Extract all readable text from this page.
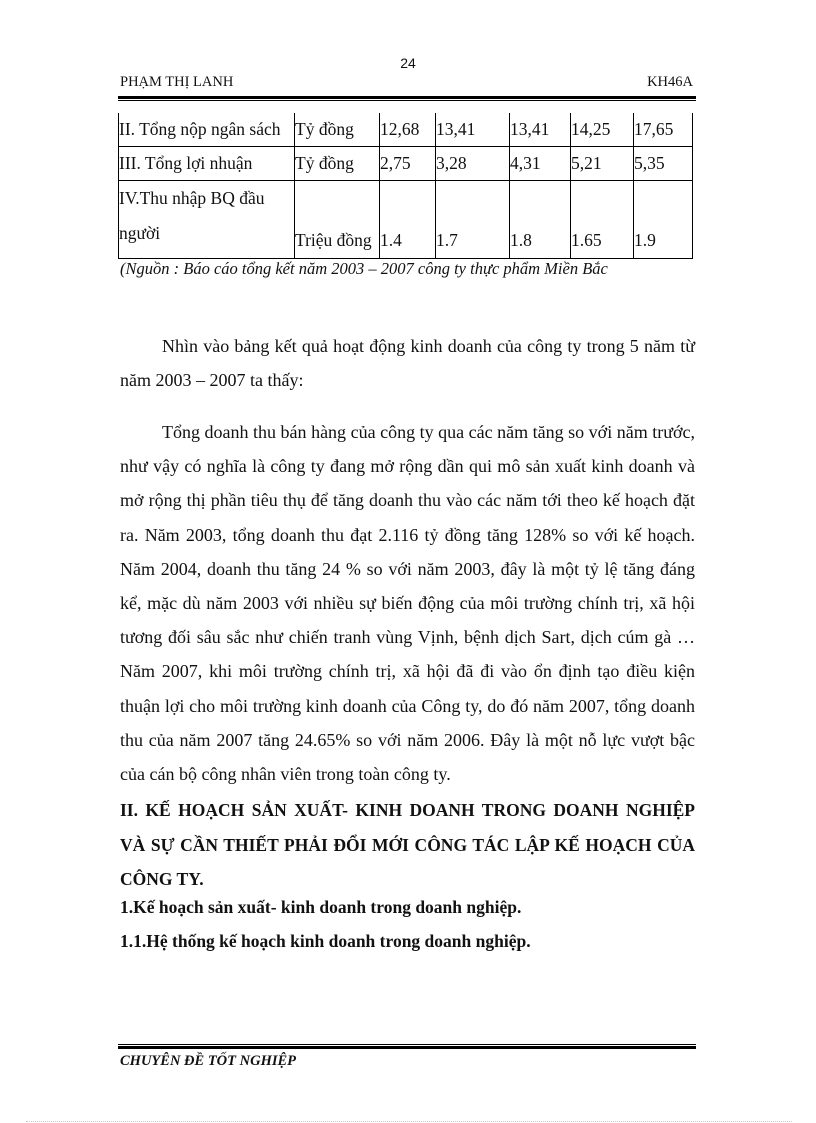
24
PHẠM THỊ LANH	KH46A
II. Tổng nộp ngân sách	Tỷ đồng	12,68	13,41	13,41	14,25	17,65
III. Tổng lợi nhuận	Tỷ đồng	2,75	3,28	4,31	5,21	5,35
IV.Thu nhập BQ đầu người	Triệu đồng	1.4	1.7	1.8	1.65	1.9
(Nguồn : Báo cáo tổng kết năm 2003 – 2007 công ty thực phẩm Miền Bắc

Nhìn vào bảng kết quả hoạt động kinh doanh của công ty trong 5 năm từ năm 2003 – 2007 ta thấy:

Tổng doanh thu bán hàng của công ty qua các năm tăng so với năm trước, như vậy có nghĩa là công ty đang mở rộng dần qui mô sản xuất kinh doanh và mở rộng thị phần tiêu thụ để tăng doanh thu vào các năm tới theo kế hoạch đặt ra. Năm 2003, tổng doanh thu đạt 2.116 tỷ đồng tăng 128% so với kế hoạch. Năm 2004, doanh thu tăng 24 % so với năm 2003, đây là một tỷ lệ tăng đáng kể, mặc dù năm 2003 với nhiều sự biến động của môi trường chính trị, xã hội tương đối sâu sắc như chiến tranh vùng Vịnh, bệnh dịch Sart, dịch cúm gà … Năm 2007, khi môi trường chính trị, xã hội đã đi vào ổn định tạo điều kiện thuận lợi cho môi trường kinh doanh của Công ty, do đó năm 2007, tổng doanh thu của năm 2007 tăng 24.65% so với năm 2006. Đây là một nỗ lực vượt bậc của cán bộ công nhân viên trong toàn công ty.

II. KẾ HOẠCH SẢN XUẤT- KINH DOANH TRONG DOANH NGHIỆP VÀ SỰ CẦN THIẾT PHẢI ĐỔI MỚI CÔNG TÁC LẬP KẾ HOẠCH CỦA CÔNG TY.
1.Kế hoạch sản xuất- kinh doanh trong doanh nghiệp.
1.1.Hệ thống kế hoạch kinh doanh trong doanh nghiệp.
CHUYÊN ĐỀ TỐT NGHIỆP
